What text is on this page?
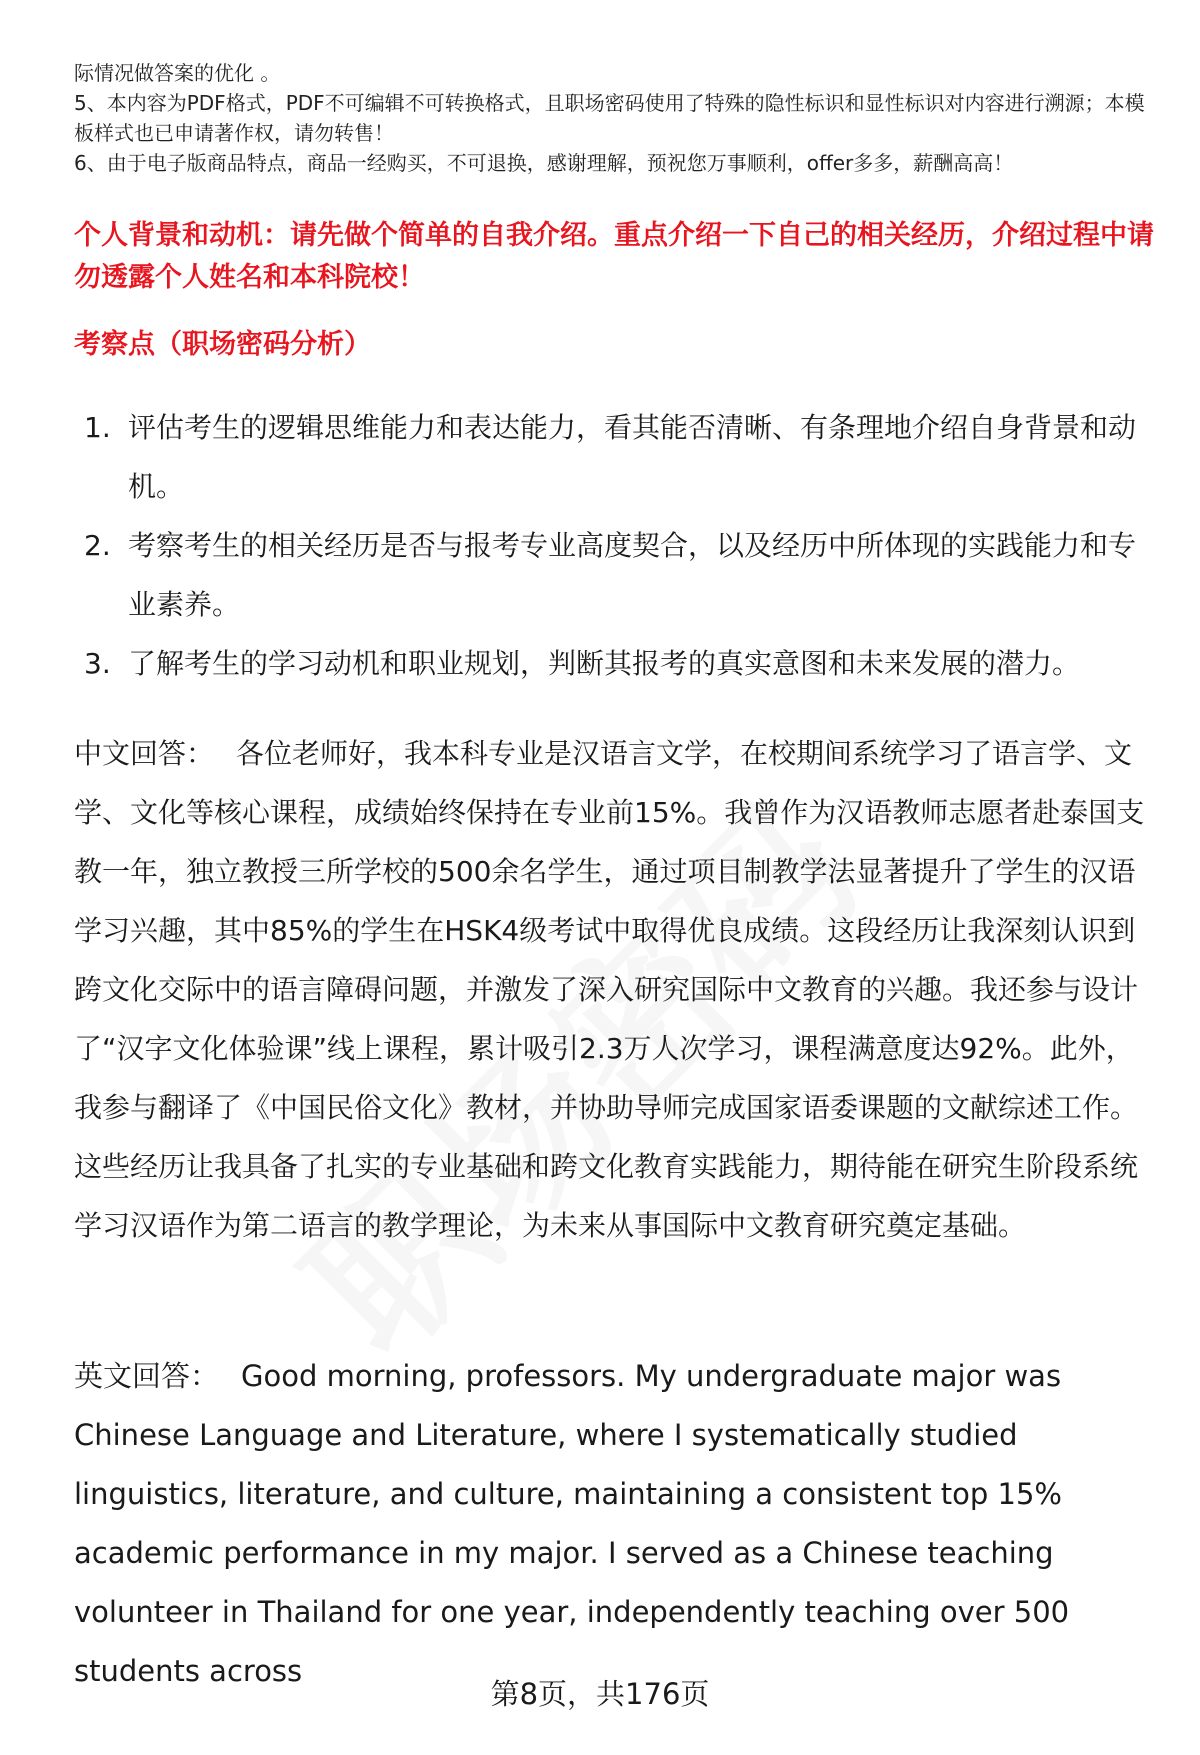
际情况做答案的优化 。

5、本内容为PDF格式，PDF不可编辑不可转换格式，且职场密码使用了特殊的隐性标识和显性标识对内容进行溯源；本模板样式也已申请著作权，请勿转售！

6、由于电子版商品特点，商品一经购买，不可退换，感谢理解，预祝您万事顺利，offer多多，薪酬高高！

个人背景和动机：请先做个简单的自我介绍。重点介绍一下自己的相关经历，介绍过程中请勿透露个人姓名和本科院校！
考察点（职场密码分析）
1. 评估考生的逻辑思维能力和表达能力，看其能否清晰、有条理地介绍自身背景和动机。
2. 考察考生的相关经历是否与报考专业高度契合，以及经历中所体现的实践能力和专业素养。
3. 了解考生的学习动机和职业规划，判断其报考的真实意图和未来发展的潜力。

中文回答： 各位老师好，我本科专业是汉语言文学，在校期间系统学习了语言学、文学、文化等核心课程，成绩始终保持在专业前15%。我曾作为汉语教师志愿者赴泰国支教一年，独立教授三所学校的500余名学生，通过项目制教学法显著提升了学生的汉语学习兴趣，其中85%的学生在HSK4级考试中取得优良成绩。这段经历让我深刻认识到跨文化交际中的语言障碍问题，并激发了深入研究国际中文教育的兴趣。我还参与设计了“汉字文化体验课”线上课程，累计吸引2.3万人次学习，课程满意度达92%。此外，我参与翻译了《中国民俗文化》教材，并协助导师完成国家语委课题的文献综述工作。这些经历让我具备了扎实的专业基础和跨文化教育实践能力，期待能在研究生阶段系统学习汉语作为第二语言的教学理论，为未来从事国际中文教育研究奠定基础。

英文回答： Good morning, professors. My undergraduate major was Chinese Language and Literature, where I systematically studied linguistics, literature, and culture, maintaining a consistent top 15% academic performance in my major. I served as a Chinese teaching volunteer in Thailand for one year, independently teaching over 500 students across

第8页，共176页
